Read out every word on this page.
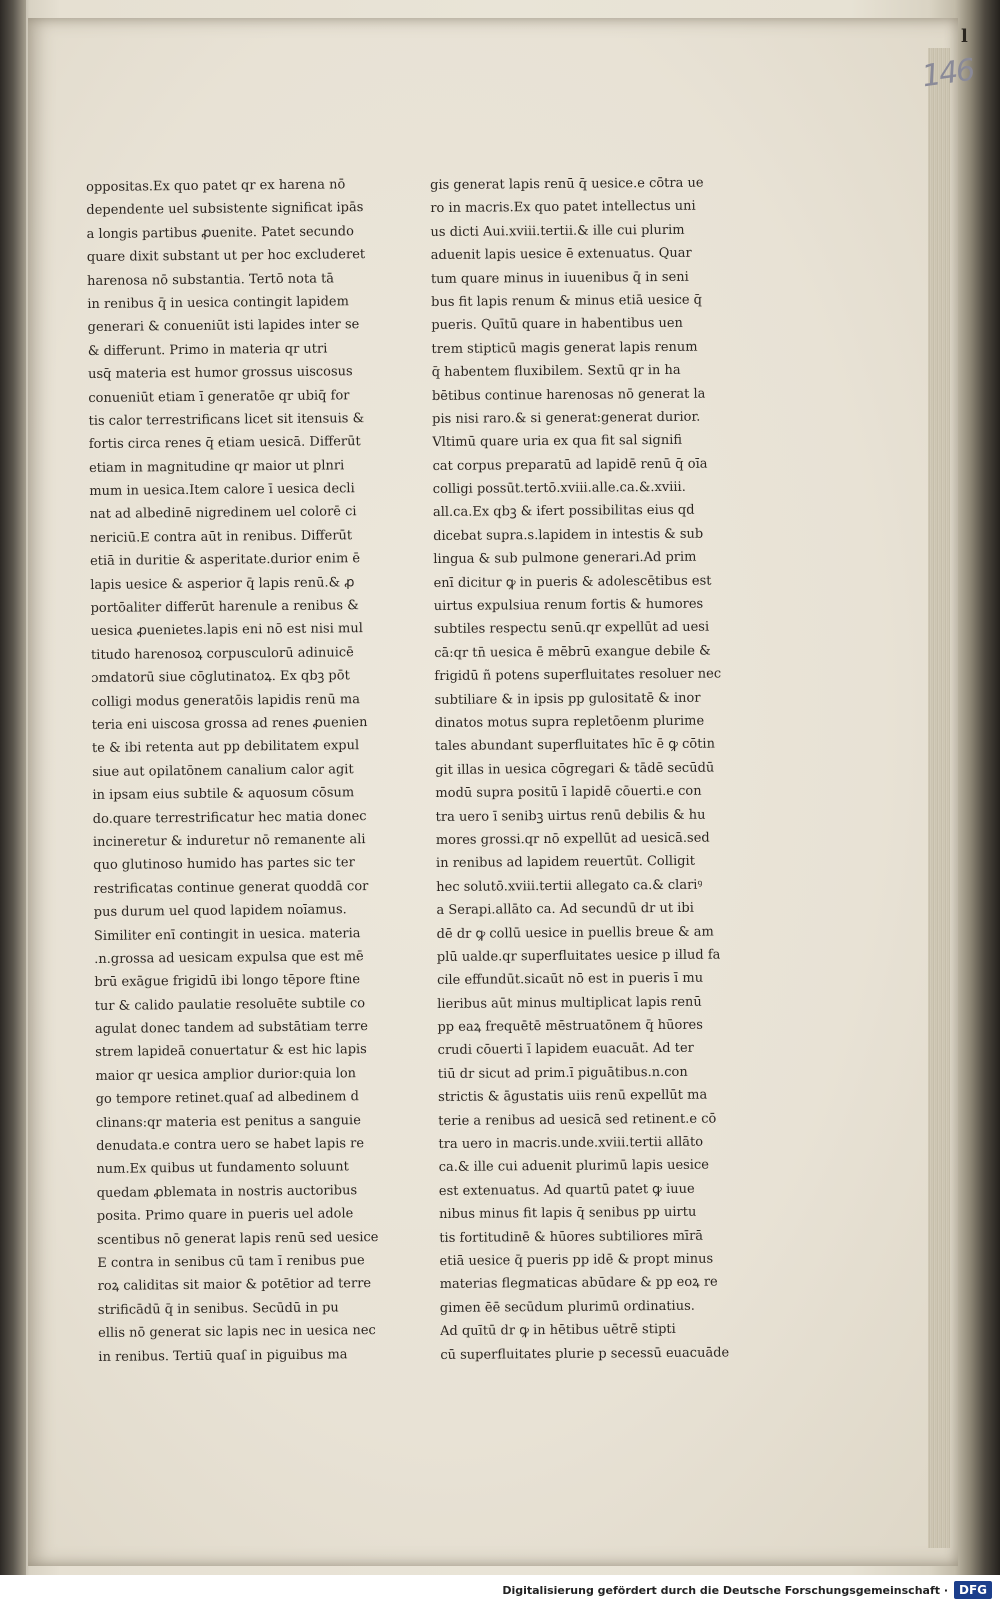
l
146
oppositas.Ex quo patet qr ex harena nō
dependente uel subsistente significat ipās
a longis partibus ꝓuenite. Patet secundo
quare dixit substant ut per hoc excluderet
harenosa nō substantia. Tertō nota tā
in renibus q̄ in uesica contingit lapidem
generari & conueniūt isti lapides inter se
& differunt. Primo in materia qr utri
usq̄ materia est humor grossus uiscosus
conueniūt etiam ī generatōe qr ubiq̄ for
tis calor terrestrificans licet sit itensuis &
fortis circa renes q̄ etiam uesicā. Differūt
etiam in magnitudine qr maior ut plnri
mum in uesica.Item calore ī uesica decli
nat ad albedinē nigredinem uel colorē ci
nericiū.E contra aūt in renibus. Differūt
etiā in duritie & asperitate.durior enim ē
lapis uesice & asperior q̄ lapis renū.& ꝓ
portōaliter differūt harenule a renibus &
uesica ꝓuenietes.lapis eni nō est nisi mul
titudo harenosoꝝ corpusculorū adinuicē
ɔmdatorū siue cōglutinatoꝝ. Ex qbꝫ pōt
colligi modus generatōis lapidis renū ma
teria eni uiscosa grossa ad renes ꝓuenien
te & ibi retenta aut pp debilitatem expul
siue aut opilatōnem canalium calor agit
in ipsam eius subtile & aquosum cōsum
do.quare terrestrificatur hec matia donec
incineretur & induretur nō remanente ali
quo glutinoso humido has partes sic ter
restrificatas continue generat quoddā cor
pus durum uel quod lapidem noīamus.
Similiter enī contingit in uesica. materia
.n.grossa ad uesicam expulsa que est mē
brū exāgue frigidū ibi longo tēpore ftine
tur & calido paulatie resoluēte subtile co
agulat donec tandem ad substātiam terre
strem lapideā conuertatur & est hic lapis
maior qr uesica amplior durior:quia lon
go tempore retinet.quaſ ad albedinem d
clinans:qr materia est penitus a sanguie
denudata.e contra uero se habet lapis re
num.Ex quibus ut fundamento soluunt
quedam ꝓblemata in nostris auctoribus
posita. Primo quare in pueris uel adole
scentibus nō generat lapis renū sed uesice
E contra in senibus cū tam ī renibus pue
roꝝ caliditas sit maior & potētior ad terre
strificādū q̄ in senibus. Secūdū in pu
ellis nō generat sic lapis nec in uesica nec
in renibus. Tertiū quaſ in piguibus ma
gis generat lapis renū q̄ uesice.e cōtra ue
ro in macris.Ex quo patet intellectus uni
us dicti Aui.xviii.tertii.& ille cui plurim
aduenit lapis uesice ē extenuatus. Quar
tum quare minus in iuuenibus q̄ in seni
bus fit lapis renum & minus etiā uesice q̄
pueris. Quītū quare in habentibus uen
trem stipticū magis generat lapis renum
q̄ habentem fluxibilem. Sextū qr in ha
bētibus continue harenosas nō generat la
pis nisi raro.& si generat:generat durior.
Vltimū quare uria ex qua fit sal signifi
cat corpus preparatū ad lapidē renū q̄ oīa
colligi possūt.tertō.xviii.alle.ca.&.xviii.
all.ca.Ex qbꝫ & ifert possibilitas eius qd
dicebat supra.s.lapidem in intestis & sub
lingua & sub pulmone generari.Ad prim
enī dicitur ꝙ in pueris & adolescētibus est
uirtus expulsiua renum fortis & humores
subtiles respectu senū.qr expellūt ad uesi
cā:qr tn̄ uesica ē mēbrū exangue debile &
frigidū ñ potens superfluitates resoluer nec
subtiliare & in ipsis pp gulositatē & inor
dinatos motus supra repletōenm plurime
tales abundant superfluitates hīc ē ꝙ cōtin
git illas in uesica cōgregari & tādē secūdū
modū supra positū ī lapidē cōuerti.e con
tra uero ī senibꝫ uirtus renū debilis & hu
mores grossi.qr nō expellūt ad uesicā.sed
in renibus ad lapidem reuertūt. Colligit
hec solutō.xviii.tertii allegato ca.& clariꝰ
a Serapi.allāto ca. Ad secundū dr ut ibi
dē dr ꝙ collū uesice in puellis breue & am
plū ualde.qr superfluitates uesice p illud fa
cile effundūt.sicaūt nō est in pueris ī mu
lieribus aūt minus multiplicat lapis renū
pp eaꝝ frequētē mēstruatōnem q̄ hūores
crudi cōuerti ī lapidem euacuāt. Ad ter
tiū dr sicut ad prim.ī piguātibus.n.con
strictis & āgustatis uiis renū expellūt ma
terie a renibus ad uesicā sed retinent.e cō
tra uero in macris.unde.xviii.tertii allāto
ca.& ille cui aduenit plurimū lapis uesice
est extenuatus. Ad quartū patet ꝙ iuue
nibus minus fit lapis q̄ senibus pp uirtu
tis fortitudinē & hūores subtiliores mīrā
etiā uesice q̄ pueris pp idē & propt minus
materias flegmaticas abūdare & pp eoꝝ re
gimen ēē secūdum plurimū ordinatius.
Ad quītū dr ꝙ in hētibus uētrē stipti
cū superfluitates plurie p secessū euacuāde
Digitalisierung gefördert durch die Deutsche Forschungsgemeinschaft · DFG
